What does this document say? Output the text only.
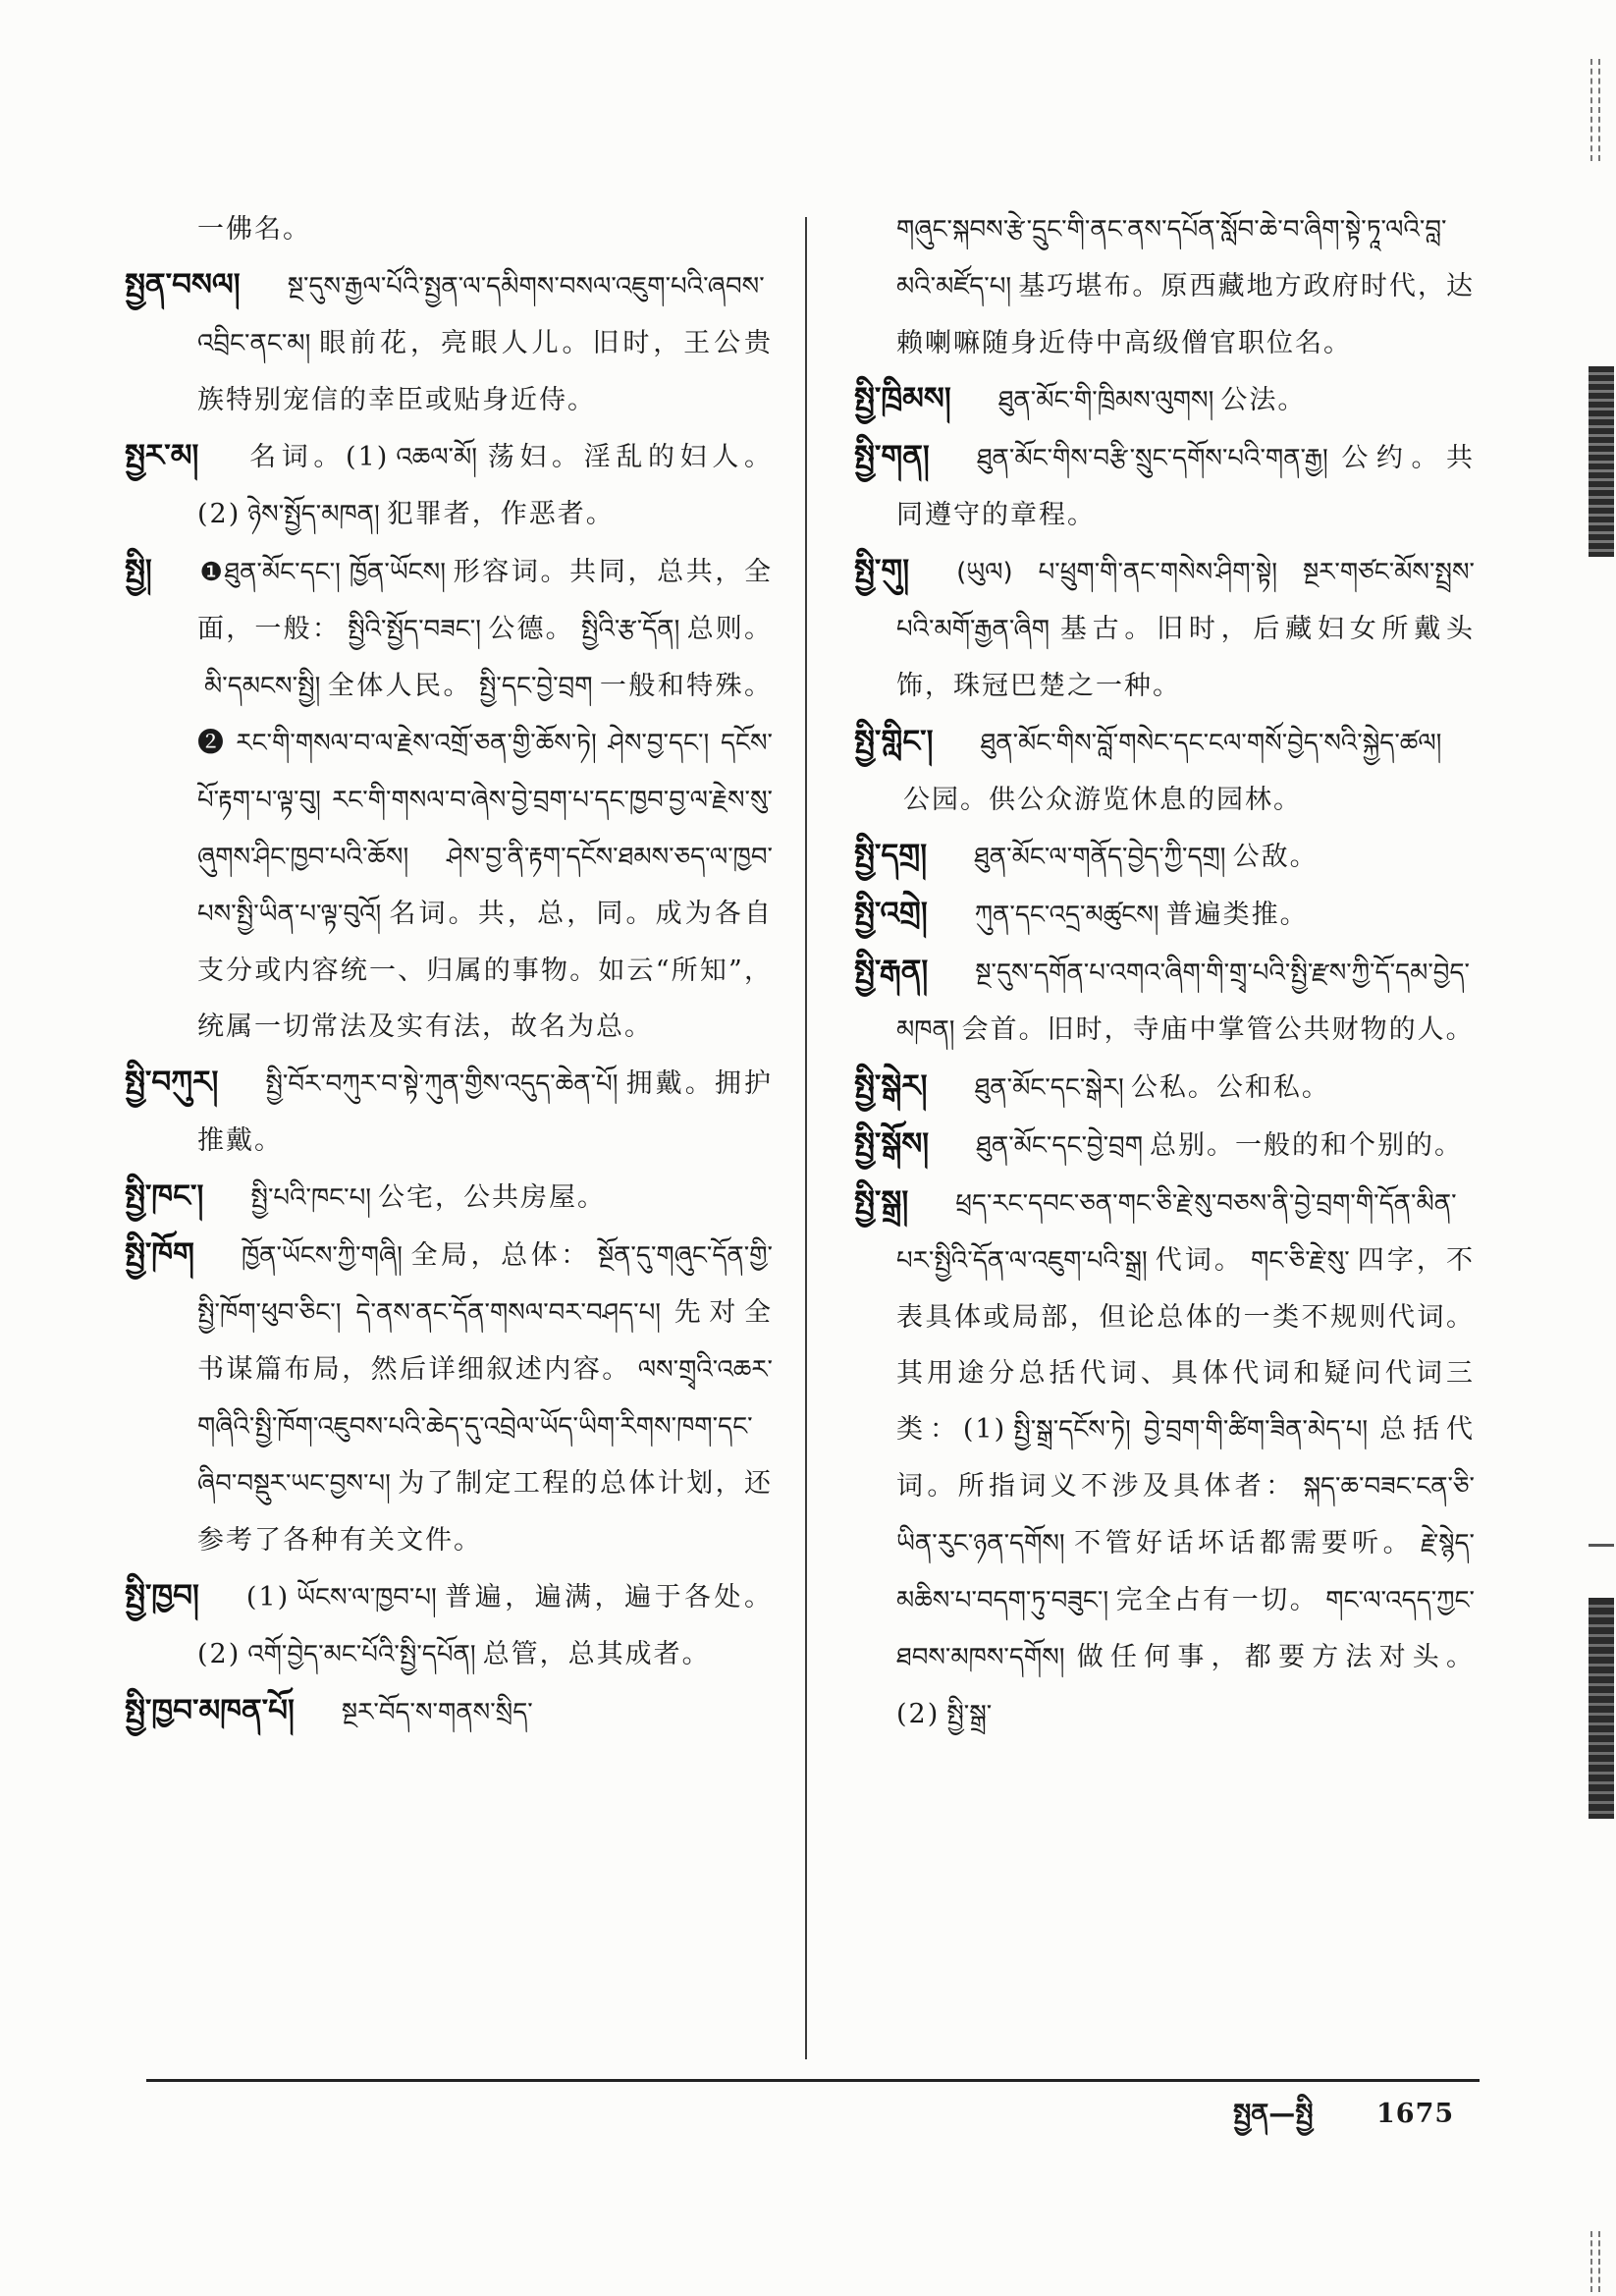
一佛名。
སྤྱན་བསལ། སྔ་དུས་རྒྱལ་པོའི་སྤྱན་ལ་དམིགས་བསལ་འཇུག་པའི་ཞབས་འབྲིང་ནང་མ། 眼前花，亮眼人儿。旧时，王公贵族特别宠信的幸臣或贴身近侍。
སྤྱར་མ། 名词。(1) འཆལ་མོ། 荡妇。淫乱的妇人。(2) ཉེས་སྤྱོད་མཁན། 犯罪者，作恶者。
སྤྱི། ❶ཐུན་མོང་དང་། ཁྱོན་ཡོངས། 形容词。共同，总共，全面，一般： སྤྱིའི་སྤྱོད་བཟང་། 公德。 སྤྱིའི་རྩ་དོན། 总则。མི་དམངས་སྤྱི། 全体人民。 སྤྱི་དང་བྱེ་བྲག 一般和特殊。❷ རང་གི་གསལ་བ་ལ་རྗེས་འགྲོ་ཅན་གྱི་ཆོས་ཏེ། ཤེས་བྱ་དང་། དངོས་པོ་རྟག་པ་ལྟ་བུ། རང་གི་གསལ་བ་ཞེས་བྱེ་བྲག་པ་དང་ཁྱབ་བྱ་ལ་རྗེས་སུ་ཞུགས་ཤིང་ཁྱབ་པའི་ཆོས། ཤེས་བྱ་ནི་རྟག་དངོས་ཐམས་ཅད་ལ་ཁྱབ་པས་སྤྱི་ཡིན་པ་ལྟ་བུའོ། 名词。共，总，同。成为各自支分或内容统一、归属的事物。如云“所知”，统属一切常法及实有法，故名为总。
སྤྱི་བཀུར། སྤྱི་བོར་བཀུར་བ་སྟེ་ཀུན་གྱིས་འདུད་ཆེན་པོ། 拥戴。拥护推戴。
སྤྱི་ཁང་། སྤྱི་པའི་ཁང་པ། 公宅，公共房屋。
སྤྱི་ཁོག ཁྱོན་ཡོངས་ཀྱི་གཞི། 全局，总体： སྔོན་དུ་གཞུང་དོན་གྱི་སྤྱི་ཁོག་ཕུབ་ཅིང་། དེ་ནས་ནང་དོན་གསལ་བར་བཤད་པ། 先对全书谋篇布局，然后详细叙述内容。 ལས་གྲྭའི་འཆར་གཞིའི་སྤྱི་ཁོག་འཇུབས་པའི་ཆེད་དུ་འབྲེལ་ཡོད་ཡིག་རིགས་ཁག་དང་ཞིབ་བསྡུར་ཡང་བྱས་པ། 为了制定工程的总体计划，还参考了各种有关文件。
སྤྱི་ཁྱབ། (1) ཡོངས་ལ་ཁྱབ་པ། 普遍，遍满，遍于各处。(2) འགོ་བྱེད་མང་པོའི་སྤྱི་དཔོན། 总管，总其成者。
སྤྱི་ཁྱབ་མཁན་པོ། སྔར་བོད་ས་གནས་སྲིད་
གཞུང་སྐབས་རྩེ་དྲུང་གི་ནང་ནས་དཔོན་སློབ་ཆེ་བ་ཞིག་སྟེ་ཏཱ་ལའི་བླ་མའི་མཛོད་པ། 基巧堪布。原西藏地方政府时代，达赖喇嘛随身近侍中高级僧官职位名。
སྤྱི་ཁྲིམས། ཐུན་མོང་གི་ཁྲིམས་ལུགས། 公法。
སྤྱི་གན། ཐུན་མོང་གིས་བརྩི་སྲུང་དགོས་པའི་གན་རྒྱ། 公约。共同遵守的章程。
སྤྱི་གུ། (ཡུལ) པ་ཕྲུག་གི་ནང་གསེས་ཤིག་སྟེ། སྔར་གཙང་མོས་སྤྲས་པའི་མགོ་རྒྱན་ཞིག 基古。旧时，后藏妇女所戴头饰，珠冠巴楚之一种。
སྤྱི་གླིང་། ཐུན་མོང་གིས་བློ་གསེང་དང་ངལ་གསོ་བྱེད་སའི་སྐྱེད་ཚལ།公园。供公众游览休息的园林。
སྤྱི་དགྲ། ཐུན་མོང་ལ་གནོད་བྱེད་ཀྱི་དགྲ། 公敌。
སྤྱི་འགྲེ། ཀུན་དང་འདྲ་མཚུངས། 普遍类推。
སྤྱི་རྒན། སྔ་དུས་དགོན་པ་འགའ་ཞིག་གི་གྲྭ་པའི་སྤྱི་རྫས་ཀྱི་དོ་དམ་བྱེད་མཁན། 会首。旧时，寺庙中掌管公共财物的人。
སྤྱི་སྒེར། ཐུན་མོང་དང་སྒེར། 公私。公和私。
སྤྱི་སྒོས། ཐུན་མོང་དང་བྱེ་བྲག 总别。一般的和个别的。
སྤྱི་སྒྲ། ཕྲད་རང་དབང་ཅན་གང་ཅི་རྗེ་སུ་བཅས་ནི་བྱེ་བྲག་གི་དོན་མིན་པར་སྤྱིའི་དོན་ལ་འཇུག་པའི་སྒྲ། 代词。 གང་ཅི་རྗེ་སུ་ 四字，不表具体或局部，但论总体的一类不规则代词。其用途分总括代词、具体代词和疑问代词三类：(1) སྤྱི་སྒྲ་དངོས་ཏེ། བྱེ་བྲག་གི་ཚིག་ཟིན་མེད་པ། 总括代词。所指词义不涉及具体者： སྐད་ཆ་བཟང་ངན་ཅི་ཡིན་རུང་ཉན་དགོས། 不管好话坏话都需要听。 རྗེ་སྙེད་མཆིས་པ་བདག་ཏུ་བཟུང་། 完全占有一切。 གང་ལ་འདད་ཀྱང་ཐབས་མཁས་དགོས། 做任何事，都要方法对头。(2) སྤྱི་སྒྲ་
སྤྱན—སྤྱི 1675
